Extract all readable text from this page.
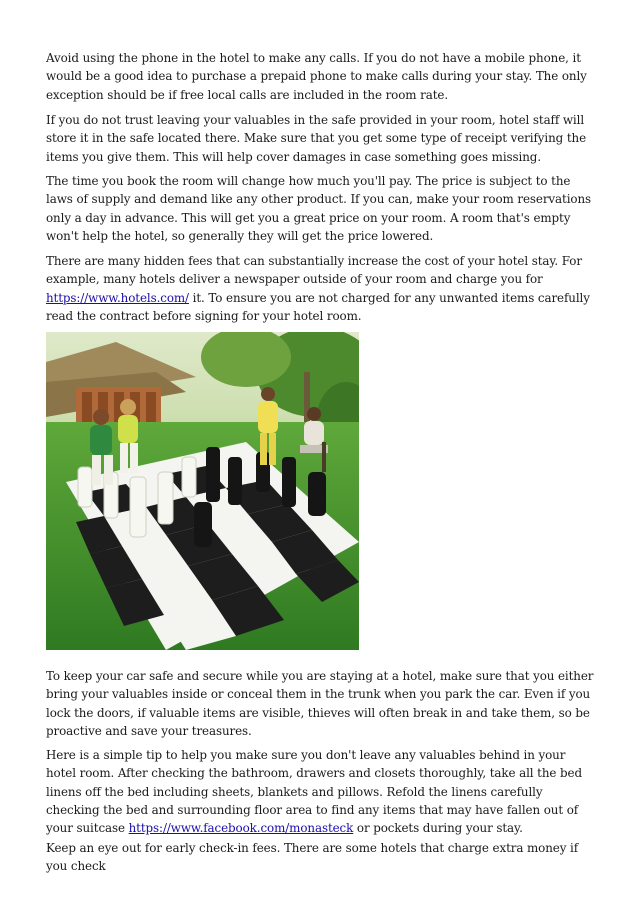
Avoid using the phone in the hotel to make any calls. If you do not have a mobile phone, it would be a good idea to purchase a prepaid phone to make calls during your stay. The only exception should be if free local calls are included in the room rate.

If you do not trust leaving your valuables in the safe provided in your room, hotel staff will store it in the safe located there. Make sure that you get some type of receipt verifying the items you give them. This will help cover damages in case something goes missing.

The time you book the room will change how much you'll pay. The price is subject to the laws of supply and demand like any other product. If you can, make your room reservations only a day in advance. This will get you a great price on your room. A room that's empty won't help the hotel, so generally they will get the price lowered.

There are many hidden fees that can substantially increase the cost of your hotel stay. For example, many hotels deliver a newspaper outside of your room and charge you for https://www.hotels.com/ it. To ensure you are not charged for any unwanted items carefully read the contract before signing for your hotel room.

To keep your car safe and secure while you are staying at a hotel, make sure that you either bring your valuables inside or conceal them in the trunk when you park the car. Even if you lock the doors, if valuable items are visible, thieves will often break in and take them, so be proactive and save your treasures.

Here is a simple tip to help you make sure you don't leave any valuables behind in your hotel room. After checking the bathroom, drawers and closets thoroughly, take all the bed linens off the bed including sheets, blankets and pillows. Refold the linens carefully checking the bed and surrounding floor area to find any items that may have fallen out of your suitcase https://www.facebook.com/monasteck or pockets during your stay.

Keep an eye out for early check-in fees. There are some hotels that charge extra money if you check
